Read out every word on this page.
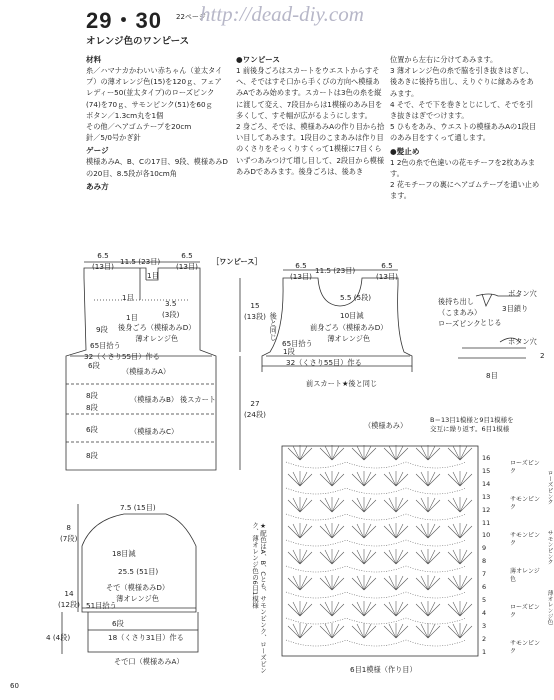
29・30 22ページ
http://dead-diy.com
オレンジ色のワンピース
材料
糸／ハマナカかわいい赤ちゃん（並太タイプ）の薄オレンジ色(15)を120ｇ、フェアレディー50(並太タイプ)のローズピンク(74)を70ｇ、サモンピンク(51)を60ｇ
ボタン／1.3cm丸を1個
その他／ヘアゴムテープを20cm
針／5/0号かぎ針
ゲージ
模様あみA、B、Cの17目、9段、模様あみDの20目、8.5段が各10cm角
あみ方
●ワンピース
1 前後身ごろはスカートをウエストからすそへ、そではすそ口から手くびの方向へ模様あみAであみ始めます。スカートは3色の糸を縦に渡して変え、7段目からは1模様のあみ目を多くして、すそ幅が広がるようにします。
2 身ごろ、そでは、模様あみAの作り目から拾い目してあみます。1段目のこまあみは作り目のくさりをそっくりすくって1模様に7目くらいずつあみつけて増し目して、2段目から模様あみDであみます。後身ごろは、後あき
位置から左右に分けてあみます。
3 薄オレンジ色の糸で脇を引き抜きはぎし、後あきに後持ち出し、えりぐりに縁あみをあみます。
4 そで、そで下を巻きとじにして、そでを引き抜きはぎでつけます。
5 ひもをあみ、ウエストの模様あみAの1段目のあみ目をすくって通します。
●髪止め
1 2色の糸で色違いの花モチーフを2枚あみます。
2 花モチーフの裏にヘアゴムテープを通い止めます。
6.5
(13目)
11.5 (23目)
6.5
(13目)
1目
1目
3.5
(3段)
1目
9段 後身ごろ（模様あみD）
薄オレンジ色
65目拾う
6段
32（くさり55目）作る
（模様あみA）
（模様あみB） 後スカート
（模様あみC）
8段
8段
6段
8段
15
(13段)
27
(24段)
［ワンピース］	6.5
(13目)
11.5 (23目)
6.5
(13目)
5.5 (5段)
10目減
前身ごろ（模様あみD）
薄オレンジ色
後と同じ
65目拾う
1段
32（くさり55目）作る
前スカート★後と同じ
7.5 (15目)
8
(7段)
18目減
25.5 (51目)
そで（模様あみD）
薄オレンジ色
51目拾う
14
(12段)
4 (4段)
6段
18（くさり31目）作る
そで口（模様あみA）	★配色はA、B、Cとも、サモンピンク、ローズピンク、薄オレンジ色の6目1模様
後持ち出し
（こまあみ）
ローズピンク
ボタン穴
3目鎖り
とじる
ボタン穴
8目
2
（模様あみ）
B＝13目1模様と9目1模様を
交互に繰り返す。6目1模様
6目1模様（作り目）
16
15
14
13
12
11
10
9
8
7
6
5
4
3
2
1
ローズピンク
サモンピンク
サモンピンク
薄オレンジ色
ローズピンク
サモンピンク
ローズピンク
サモンピンク
薄オレンジ色
60
